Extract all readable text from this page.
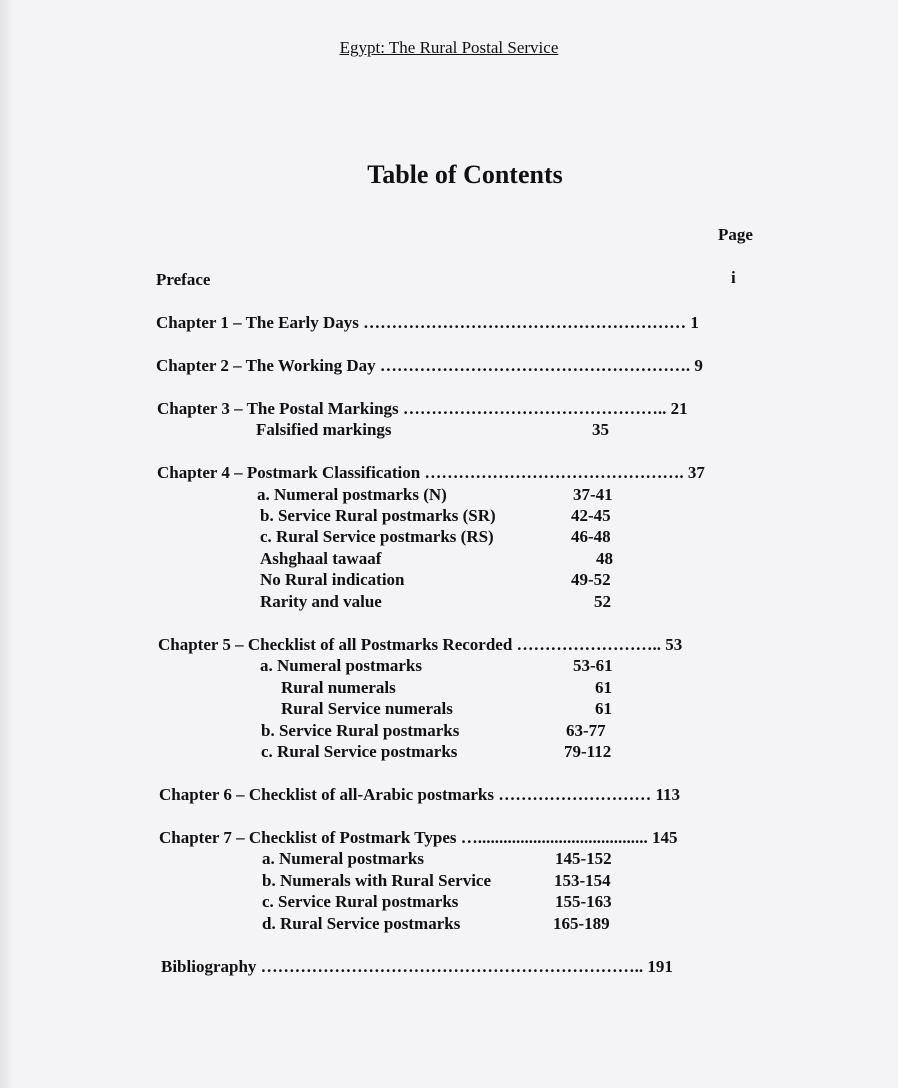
Egypt: The Rural Postal Service
Table of Contents
Page
Preface	i
Chapter 1 – The Early Days ………………………………………………… 1
Chapter 2 – The Working Day ………………………………………………. 9
Chapter 3 – The Postal Markings ……………………………………….. 21
Falsified markings	35
Chapter 4 – Postmark Classification ………………………………………. 37
a. Numeral postmarks (N)	37-41
b. Service Rural postmarks (SR)	42-45
c. Rural Service postmarks (RS)	46-48
Ashghaal tawaaf	48
No Rural indication	49-52
Rarity and value	52
Chapter 5 – Checklist of all Postmarks Recorded …………………….. 53
a. Numeral postmarks	53-61
Rural numerals	61
Rural Service numerals	61
b. Service Rural postmarks	63-77
c. Rural Service postmarks	79-112
Chapter 6 – Checklist of all-Arabic postmarks ……………………… 113
Chapter 7 – Checklist of Postmark Types …........................................ 145
a. Numeral postmarks	145-152
b. Numerals with Rural Service	153-154
c. Service Rural postmarks	155-163
d. Rural Service postmarks	165-189
Bibliography ………………………………………………………….. 191
